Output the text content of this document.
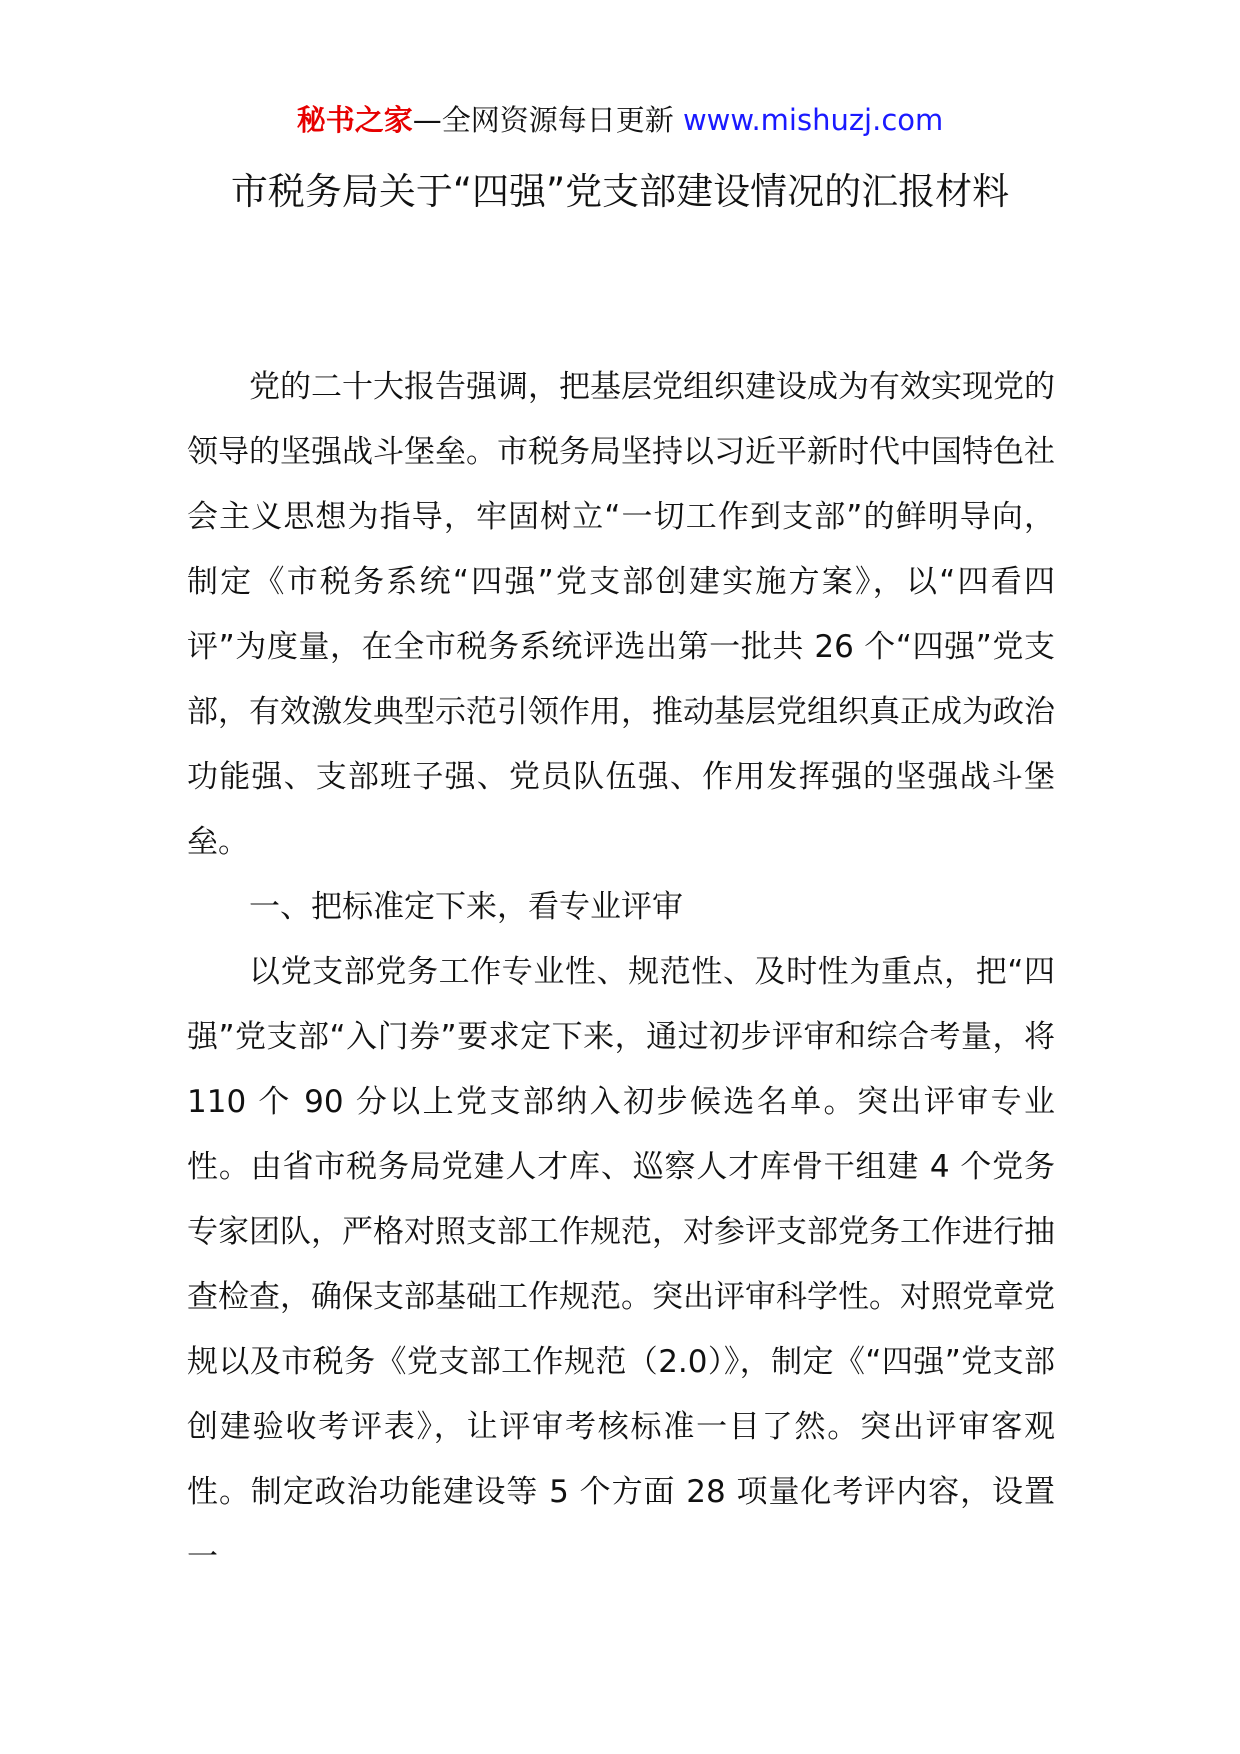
秘书之家—全网资源每日更新 www.mishuzj.com
市税务局关于“四强”党支部建设情况的汇报材料

党的二十大报告强调，把基层党组织建设成为有效实现党的领导的坚强战斗堡垒。市税务局坚持以习近平新时代中国特色社会主义思想为指导，牢固树立“一切工作到支部”的鲜明导向，制定《市税务系统“四强”党支部创建实施方案》，以“四看四评”为度量，在全市税务系统评选出第一批共 26 个“四强”党支部，有效激发典型示范引领作用，推动基层党组织真正成为政治功能强、支部班子强、党员队伍强、作用发挥强的坚强战斗堡垒。

一、把标准定下来，看专业评审

以党支部党务工作专业性、规范性、及时性为重点，把“四强”党支部“入门券”要求定下来，通过初步评审和综合考量，将 110 个 90 分以上党支部纳入初步候选名单。突出评审专业性。由省市税务局党建人才库、巡察人才库骨干组建 4 个党务专家团队，严格对照支部工作规范，对参评支部党务工作进行抽查检查，确保支部基础工作规范。突出评审科学性。对照党章党规以及市税务《党支部工作规范（2.0）》，制定《“四强”党支部创建验收考评表》，让评审考核标准一目了然。突出评审客观性。制定政治功能建设等 5 个方面 28 项量化考评内容，设置一
